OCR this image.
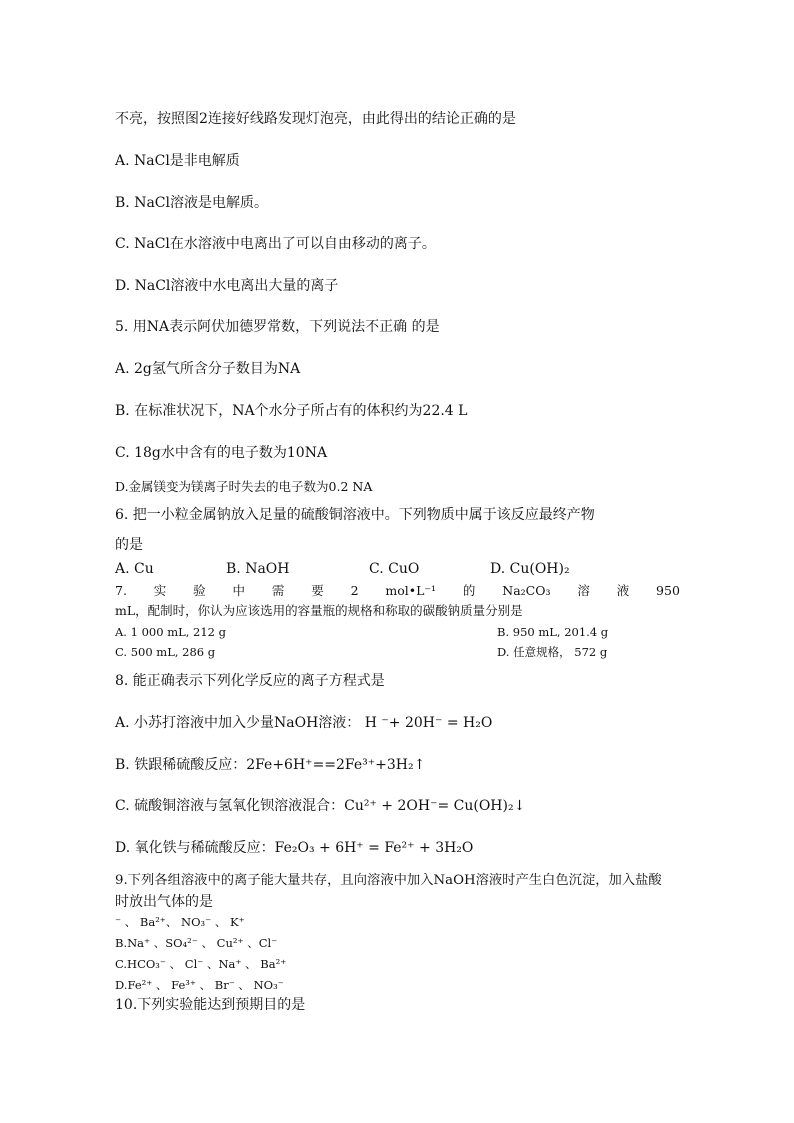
不亮，按照图2连接好线路发现灯泡亮，由此得出的结论正确的是
A. NaCl是非电解质
B. NaCl溶液是电解质。
C. NaCl在水溶液中电离出了可以自由移动的离子。
D. NaCl溶液中水电离出大量的离子
5. 用NA表示阿伏加德罗常数，下列说法不正确 的是
A. 2g氢气所含分子数目为NA
B. 在标准状况下，NA个水分子所占有的体积约为22.4 L
C. 18g水中含有的电子数为10NA
D.金属镁变为镁离子时失去的电子数为0.2 NA
6. 把一小粒金属钠放入足量的硫酸铜溶液中。下列物质中属于该反应最终产物
的是
A. Cu	B. NaOH	C. CuO	D. Cu(OH)₂
7. 实 验 中 需 要 2 mol•L⁻¹ 的 Na₂CO₃ 溶 液 950
mL，配制时，你认为应该选用的容量瓶的规格和称取的碳酸钠质量分别是
A. 1 000 mL, 212 g	B. 950 mL, 201.4 g
C. 500 mL, 286 g	D. 任意规格， 572 g
8. 能正确表示下列化学反应的离子方程式是
A. 小苏打溶液中加入少量NaOH溶液： H ⁻+ 20H⁻ = H₂O
B. 铁跟稀硫酸反应：2Fe+6H⁺==2Fe³⁺+3H₂↑
C. 硫酸铜溶液与氢氧化钡溶液混合：Cu²⁺ + 2OH⁻= Cu(OH)₂↓
D. 氧化铁与稀硫酸反应：Fe₂O₃ + 6H⁺ = Fe²⁺ + 3H₂O
9.下列各组溶液中的离子能大量共存，且向溶液中加入NaOH溶液时产生白色沉淀，加入盐酸
时放出气体的是
⁻ 、 Ba²⁺、 NO₃⁻ 、 K⁺
B.Na⁺ 、SO₄²⁻ 、 Cu²⁺ 、Cl⁻
C.HCO₃⁻ 、 Cl⁻ 、Na⁺ 、 Ba²⁺
D.Fe²⁺ 、 Fe³⁺ 、 Br⁻ 、 NO₃⁻
10.下列实验能达到预期目的是
